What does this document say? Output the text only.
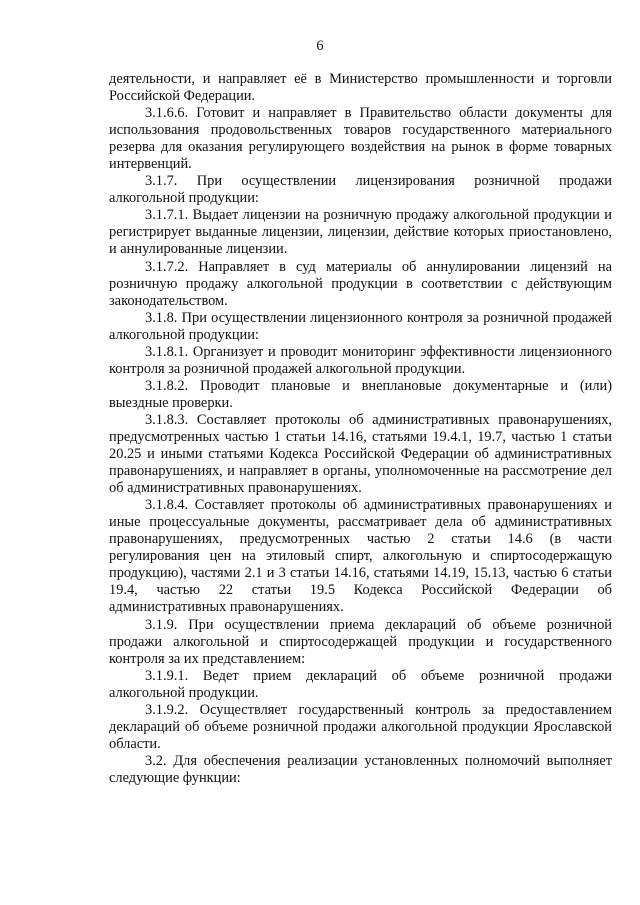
6

деятельности, и направляет её в Министерство промышленности и торговли Российской Федерации.

3.1.6.6. Готовит и направляет в Правительство области документы для использования продовольственных товаров государственного материального резерва для оказания регулирующего воздействия на рынок в форме товарных интервенций.

3.1.7. При осуществлении лицензирования розничной продажи алкогольной продукции:

3.1.7.1. Выдает лицензии на розничную продажу алкогольной продукции и регистрирует выданные лицензии, лицензии, действие которых приостановлено, и аннулированные лицензии.

3.1.7.2. Направляет в суд материалы об аннулировании лицензий на розничную продажу алкогольной продукции в соответствии с действующим законодательством.

3.1.8. При осуществлении лицензионного контроля за розничной продажей алкогольной продукции:

3.1.8.1. Организует и проводит мониторинг эффективности лицензионного контроля за розничной продажей алкогольной продукции.

3.1.8.2. Проводит плановые и внеплановые документарные и (или) выездные проверки.

3.1.8.3. Составляет протоколы об административных правонарушениях, предусмотренных частью 1 статьи 14.16, статьями 19.4.1, 19.7, частью 1 статьи 20.25 и иными статьями Кодекса Российской Федерации об административных правонарушениях, и направляет в органы, уполномоченные на рассмотрение дел об административных правонарушениях.

3.1.8.4. Составляет протоколы об административных правонарушениях и иные процессуальные документы, рассматривает дела об административных правонарушениях, предусмотренных частью 2 статьи 14.6 (в части регулирования цен на этиловый спирт, алкогольную и спиртосодержащую продукцию), частями 2.1 и 3 статьи 14.16, статьями 14.19, 15.13, частью 6 статьи 19.4, частью 22 статьи 19.5 Кодекса Российской Федерации об административных правонарушениях.

3.1.9. При осуществлении приема деклараций об объеме розничной продажи алкогольной и спиртосодержащей продукции и государственного контроля за их представлением:

3.1.9.1. Ведет прием деклараций об объеме розничной продажи алкогольной продукции.

3.1.9.2. Осуществляет государственный контроль за предоставлением деклараций об объеме розничной продажи алкогольной продукции Ярославской области.

3.2. Для обеспечения реализации установленных полномочий выполняет следующие функции:
